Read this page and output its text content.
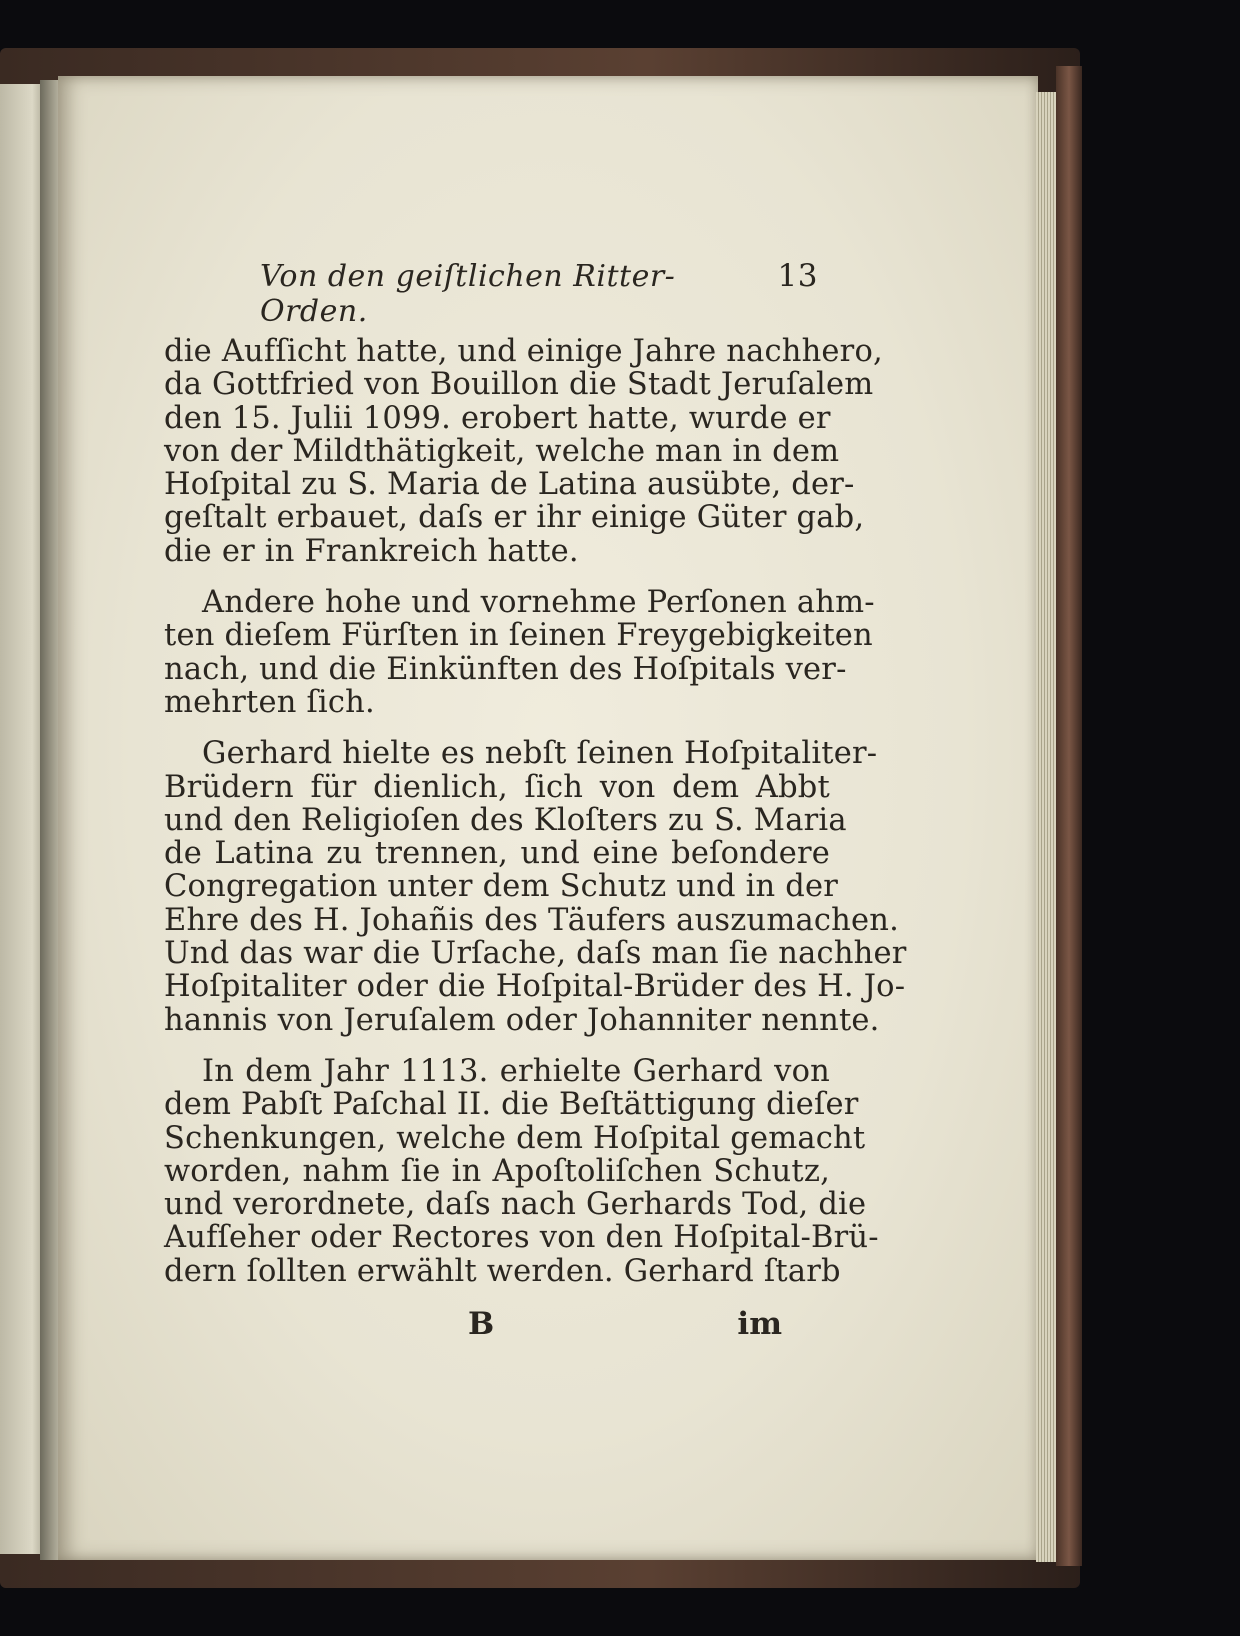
Von den geiſtlichen Ritter-Orden.
13
die Aufſicht hatte, und einige Jahre nachhero,
da Gottfried von Bouillon die Stadt Jeruſalem
den 15. Julii 1099. erobert hatte, wurde er
von der Mildthätigkeit, welche man in dem
Hoſpital zu S. Maria de Latina ausübte, der-
geſtalt erbauet, daſs er ihr einige Güter gab,
die er in Frankreich hatte.
Andere hohe und vornehme Perſonen ahm-
ten dieſem Fürſten in ſeinen Freygebigkeiten
nach, und die Einkünften des Hoſpitals ver-
mehrten ſich.
Gerhard hielte es nebſt ſeinen Hoſpitaliter-
Brüdern für dienlich, ſich von dem Abbt
und den Religioſen des Kloſters zu S. Maria
de Latina zu trennen, und eine beſondere
Congregation unter dem Schutz und in der
Ehre des H. Johañis des Täufers auszumachen.
Und das war die Urſache, daſs man ſie nachher
Hoſpitaliter oder die Hoſpital-Brüder des H. Jo-
hannis von Jeruſalem oder Johanniter nennte.
In dem Jahr 1113. erhielte Gerhard von
dem Pabſt Paſchal II. die Beſtättigung dieſer
Schenkungen, welche dem Hoſpital gemacht
worden, nahm ſie in Apoſtoliſchen Schutz,
und verordnete, daſs nach Gerhards Tod, die
Aufſeher oder Rectores von den Hoſpital-Brü-
dern ſollten erwählt werden. Gerhard ſtarb
B	im
